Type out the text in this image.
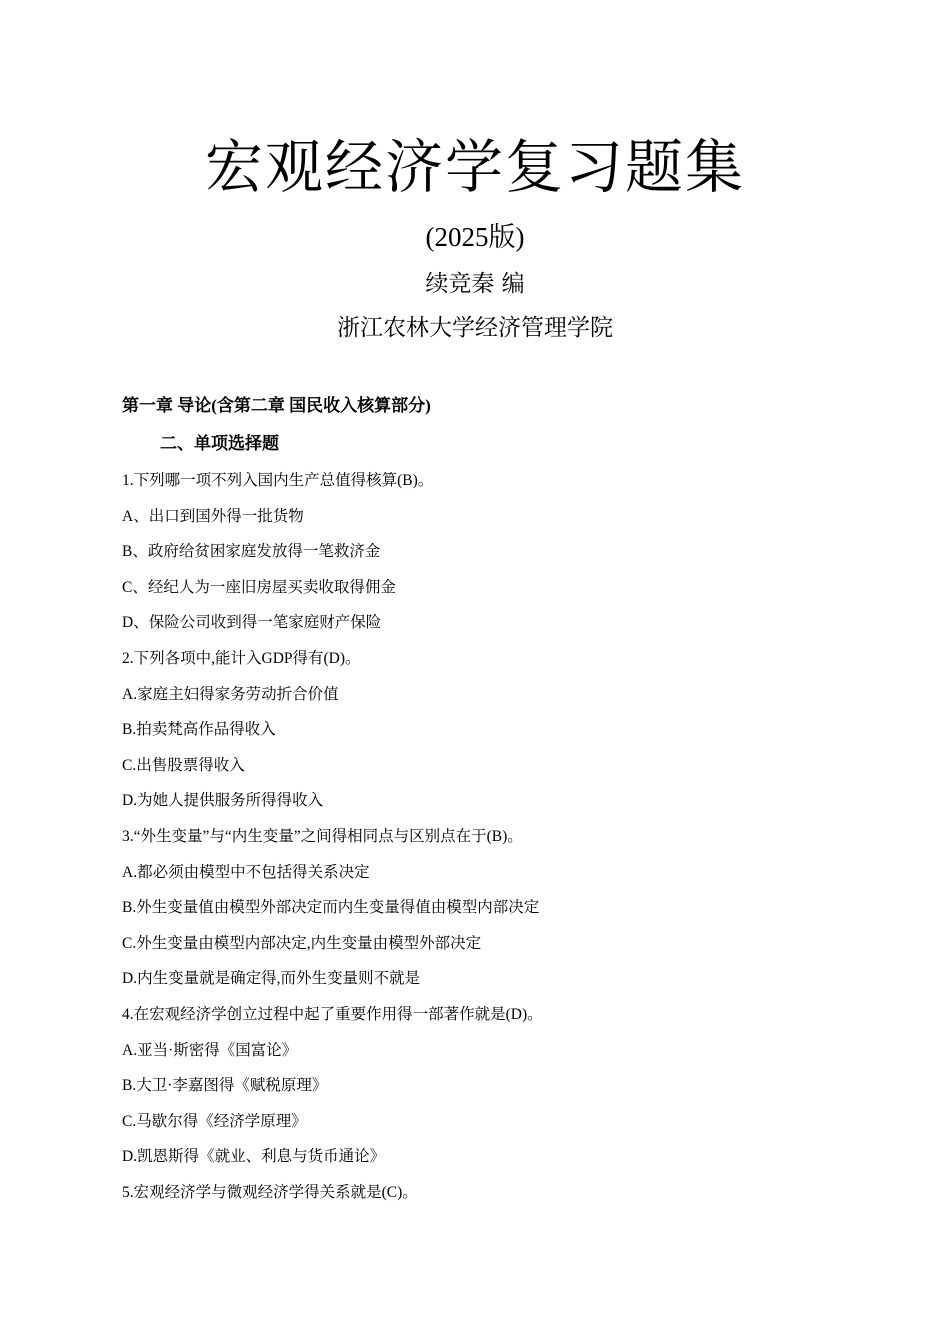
宏观经济学复习题集
(2025版)
续竞秦 编
浙江农林大学经济管理学院
第一章 导论(含第二章 国民收入核算部分)
二、单项选择题
1.下列哪一项不列入国内生产总值得核算(B)。
A、出口到国外得一批货物
B、政府给贫困家庭发放得一笔救济金
C、经纪人为一座旧房屋买卖收取得佣金
D、保险公司收到得一笔家庭财产保险
2.下列各项中,能计入GDP得有(D)。
A.家庭主妇得家务劳动折合价值
B.拍卖梵高作品得收入
C.出售股票得收入
D.为她人提供服务所得得收入
3.“外生变量”与“内生变量”之间得相同点与区别点在于(B)。
A.都必须由模型中不包括得关系决定
B.外生变量值由模型外部决定而内生变量得值由模型内部决定
C.外生变量由模型内部决定,内生变量由模型外部决定
D.内生变量就是确定得,而外生变量则不就是
4.在宏观经济学创立过程中起了重要作用得一部著作就是(D)。
A.亚当·斯密得《国富论》
B.大卫·李嘉图得《赋税原理》
C.马歇尔得《经济学原理》
D.凯恩斯得《就业、利息与货币通论》
5.宏观经济学与微观经济学得关系就是(C)。
